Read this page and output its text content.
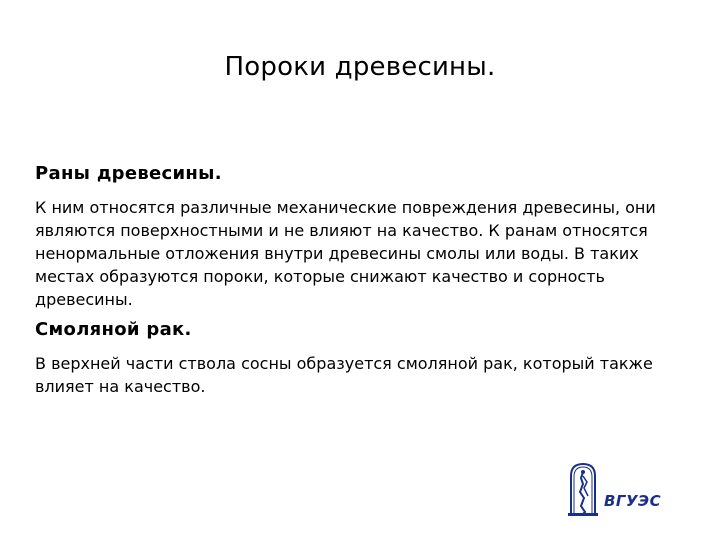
Пороки древесины.
Раны древесины.
К ним относятся различные механические повреждения древесины, они являются поверхностными и не влияют на качество. К ранам относятся ненормальные отложения внутри древесины смолы или воды. В таких местах образуются пороки, которые снижают качество и сорность древесины.
Смоляной рак.
В верхней части ствола сосны образуется смоляной рак, который также влияет на качество.
ВГУЭС
